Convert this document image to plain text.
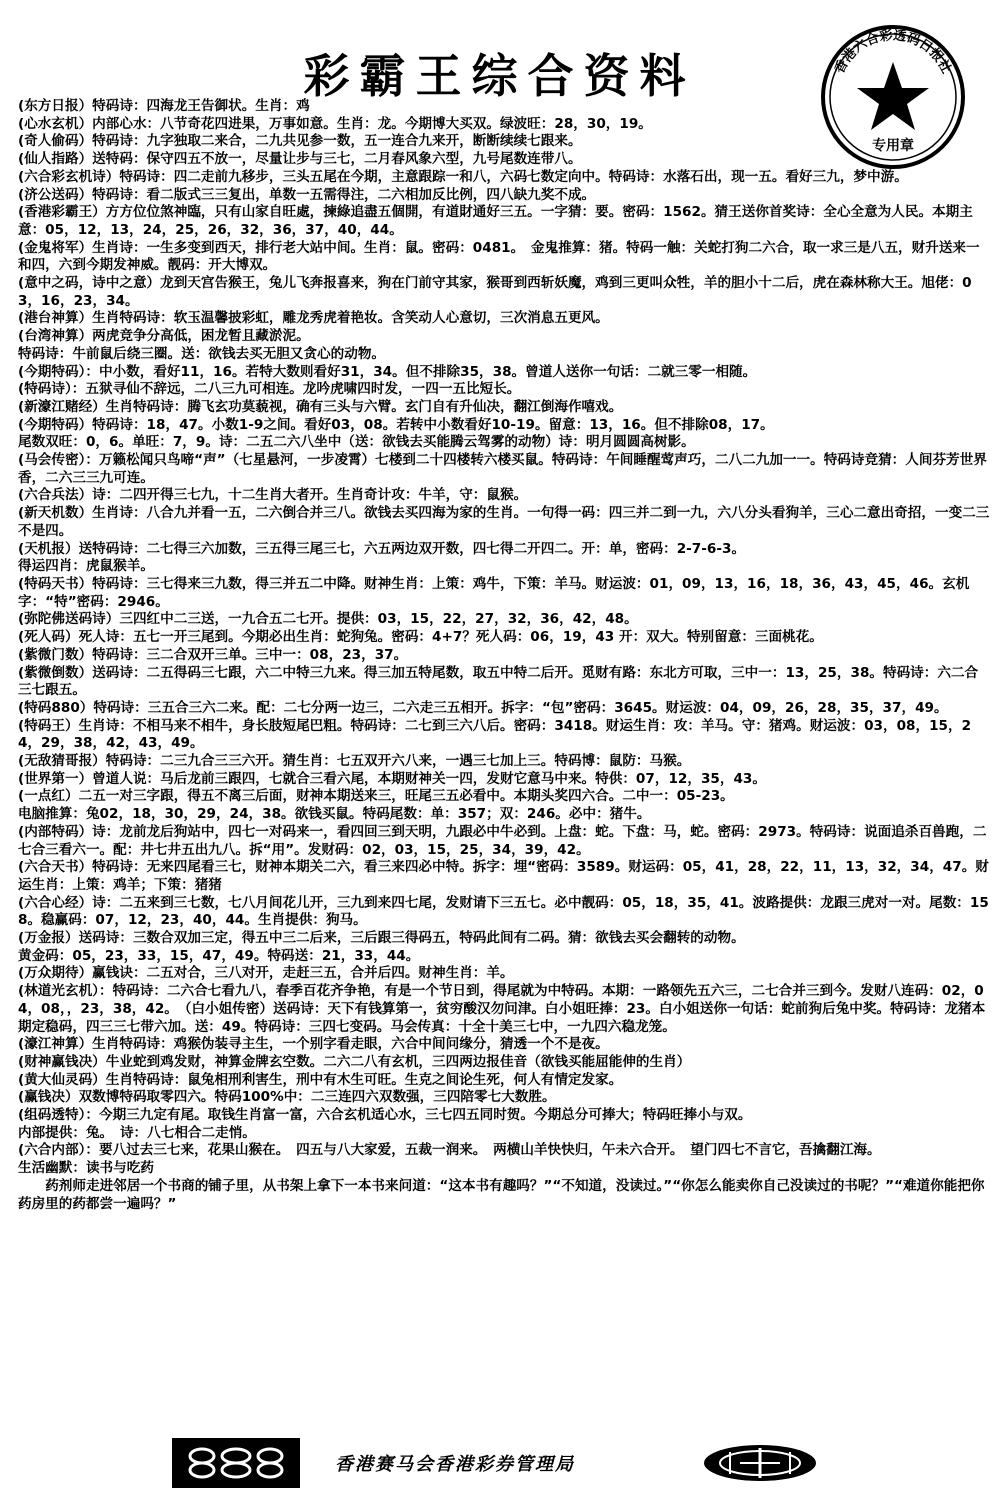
彩霸王综合资料	香港六合彩透码日报社
专用章

(东方日报）特码诗：四海龙王告御状。生肖：鸡

(心水玄机）内部心水：八节奇花四进果，万事如意。生肖：龙。今期博大买双。绿波旺：28，30，19。

(奇人偷码）特码诗：九字独取二来合，二九共见参一数，五一连合九来开，断断续续七跟来。

(仙人指路）送特码：保守四五不放一，尽量让步与三七，二月春风象六型，九号尾数连带八。

(六合彩玄机诗）特码诗：四二走前九移步，三头五尾在今期，主意跟踪一和八，六码七数定向中。特码诗：水落石出，现一五。看好三九，梦中游。

(济公送码）特码诗：看二版式三三复出，单数一五需得注，二六相加反比例，四八缺九奖不成。

(香港彩霸王）方方位位煞神臨，只有山家自旺處，揀綠追盡五個開，有道財通好三五。一字猜：要。密码：1562。猜王送你首奖诗：全心全意为人民。本期主意：05，12，13，24，25，26，32，36，37，40，44。

(金鬼将军）生肖诗：一生多变到西天，排行老大站中间。生肖：鼠。密码：0481。　金鬼推算：猪。特码一触：关蛇打狗二六合，取一求三是八五，财升送来一和四，六到今期发神威。靓码：开大博双。

(意中之码，诗中之意）龙到天宫告猴王，兔儿飞奔报喜来，狗在门前守其家，猴哥到西斩妖魔，鸡到三更叫众牲，羊的胆小十二后，虎在森林称大王。旭佬：03，16，23，34。

(港台神算）生肖特码诗：软玉温馨披彩虹，雕龙秀虎着艳妆。含笑动人心意切，三次消息五更风。

(台湾神算）两虎竞争分高低，困龙暂且藏淤泥。

特码诗：牛前鼠后绕三圈。送：欲钱去买无胆又贪心的动物。

(今期特码）：中小数，看好11，16。若特大数则看好31，34。但不排除35，38。曾道人送你一句话：二就三零一相随。

(特码诗）：五狱寻仙不辞远，二八三九可相连。龙吟虎啸四时发，一四一五比短长。

(新濠江赌经）生肖特码诗：腾飞玄功莫藐视，确有三头与六臂。玄门自有升仙决，翻江倒海作嘻戏。

(今期特码）特码诗：18，47。小数1-9之间。看好03，08。若转中小数看好10-19。留意：13，16。但不排除08，17。

尾数双旺：0，6。单旺：7，9。诗：二五二六八坐中（送：欲钱去买能腾云驾雾的动物）诗：明月圆圆高树影。

(马会传密）：万籁松闻只鸟啼“声”（七星悬河，一步凌霄）七楼到二十四楼转六楼买鼠。特码诗：午间睡醒莺声巧，二八二九加一一。特码诗竞猜：人间芬芳世界香，二六三三九可连。

(六合兵法）诗：二四开得三七九，十二生肖大者开。生肖奇计攻：牛羊，守：鼠猴。

(新天机数）生肖诗：八合九并看一五，二六倒合并三八。欲钱去买四海为家的生肖。一句得一码：四三并二到一九，六八分头看狗羊，三心二意出奇招，一变二三不是四。

(天机报）送特码诗：二七得三六加数，三五得三尾三七，六五两边双开数，四七得二开四二。开：单，密码：2-7-6-3。

得运四肖：虎鼠猴羊。

(特码天书）特码诗：三七得来三九数，得三并五二中降。财神生肖：上策：鸡牛，下策：羊马。财运波：01，09，13，16，18，36，43，45，46。玄机字：“特”密码：2946。

(弥陀佛送码诗）三四红中二三送，一九合五二七开。提供：03，15，22，27，32，36，42，48。

(死人码）死人诗：五七一开三尾到。今期必出生肖：蛇狗兔。密码：4+7？死人码：06，19，43 开：双大。特别留意：三面桃花。

(紫微门数）特码诗：三二合双开三单。三中一：08，23，37。

(紫微倒数）送码诗：二五得码三七跟，六二中特三九来。得三加五特尾数，取五中特二后开。觅财有路：东北方可取，三中一：13，25，38。特码诗：六二合三七跟五。

(特码880）特码诗：三五合三六二来。配：二七分两一边三，二六走三五相开。拆字：“包”密码：3645。财运波：04，09，26，28，35，37，49。

(特码王）生肖诗：不相马来不相牛，身长肢短尾巴粗。特码诗：二七到三六八后。密码：3418。财运生肖：攻：羊马。守：猪鸡。财运波：03，08，15，24，29，38，42，43，49。

(无敌猜哥报）特码诗：二三九合三三六开。猜生肖：七五双开六八来，一遇三七加上三。特码博：鼠防：马猴。

(世界第一）曾道人说：马后龙前三跟四，七就合三看六尾，本期财神关一四，发财它意马中来。特供：07，12，35，43。

(一点红）二五一对三字跟，得五不离三后面，财神本期送来三，旺尾三五必看中。本期头奖四六合。二中一：05-23。

电脑推算：兔02，18，30，29，24，38。欲钱买鼠。特码尾数：单：357；双：246。必中：猪牛。

(内部特码）诗：龙前龙后狗站中，四七一对码来一，看四回三到天明，九跟必中牛必到。上盘：蛇。下盘：马，蛇。密码：2973。特码诗：说面追杀百兽跑，二七合三看六一。配：井七井五出九八。拆“用”。发财码：02，03，15，25，34，39，42。

(六合天书）特码诗：无来四尾看三七，财神本期关二六，看三来四必中特。拆字：埋“密码：3589。财运码：05，41，28，22，11，13，32，34，47。财运生肖：上策：鸡羊；下策：猪猪

(六合心经）诗：二五来到三七数，七八月间花儿开，三九到来四七尾，发财请下三五七。必中靓码：05，18，35，41。波路提供：龙跟三虎对一对。尾数：158。稳赢码：07，12，23，40，44。生肖提供：狗马。

(万金报）送码诗：三数合双加三定，得五中三二后来，三后跟三得码五，特码此间有二码。猜：欲钱去买会翻转的动物。

黄金码：05，23，33，15，47，49。特码送：21，33，44。

(万众期待）赢钱诀：二五对合，三八对开，走赶三五，合并后四。财神生肖：羊。

(林道光玄机）：特码诗：二六合七看九八，春季百花齐争艳，有是一个节日到，得尾就为中特码。本期：一路领先五六三，二七合并三到今。发财八连码：02，04，08，，23，38，42。　（白小姐传密）送码诗：天下有钱算第一，贫穷酸汉勿问津。白小姐旺捧：23。白小姐送你一句话：蛇前狗后兔中奖。特码诗：龙猪本期定稳码，四三三七带六加。送：49。特码诗：三四七变码。马会传真：十全十美三七中，一九四六稳龙笼。

(濠江神算）生肖特码诗：鸡猴伪装寻主生，一个别字看走眼，六合中间问缘分，猜透一个不是夜。

(财神赢钱决）牛业蛇到鸡发财，神算金牌玄空数。二六二八有玄机，三四两边报佳音（欲钱买能屈能伸的生肖）

(黄大仙灵码）生肖特码诗：鼠兔相刑利害生，刑中有木生可旺。生克之间论生死，何人有情定发家。

(赢钱决）双数博特码取零四六。特码100%中：二三连四六双数强，三四陪零七大数胜。

(组码透特）：今期三九定有尾。取钱生肖富一富，六合玄机适心水，三七四五同时贺。今期总分可捧大；特码旺捧小与双。

内部提供：兔。　诗：八七相合二走悄。

(六合内部）：要八过去三七来，花果山猴在。　四五与八大家爱，五裁一润来。　两横山羊快快归，午未六合开。　望门四七不言它，吾擒翻江海。

生活幽默：读书与吃药

药剂师走进邻居一个书商的铺子里，从书架上拿下一本书来问道：“这本书有趣吗？”“不知道，没读过。”“你怎么能卖你自己没读过的书呢？”“难道你能把你药房里的药都尝一遍吗？”

香港赛马会香港彩券管理局
